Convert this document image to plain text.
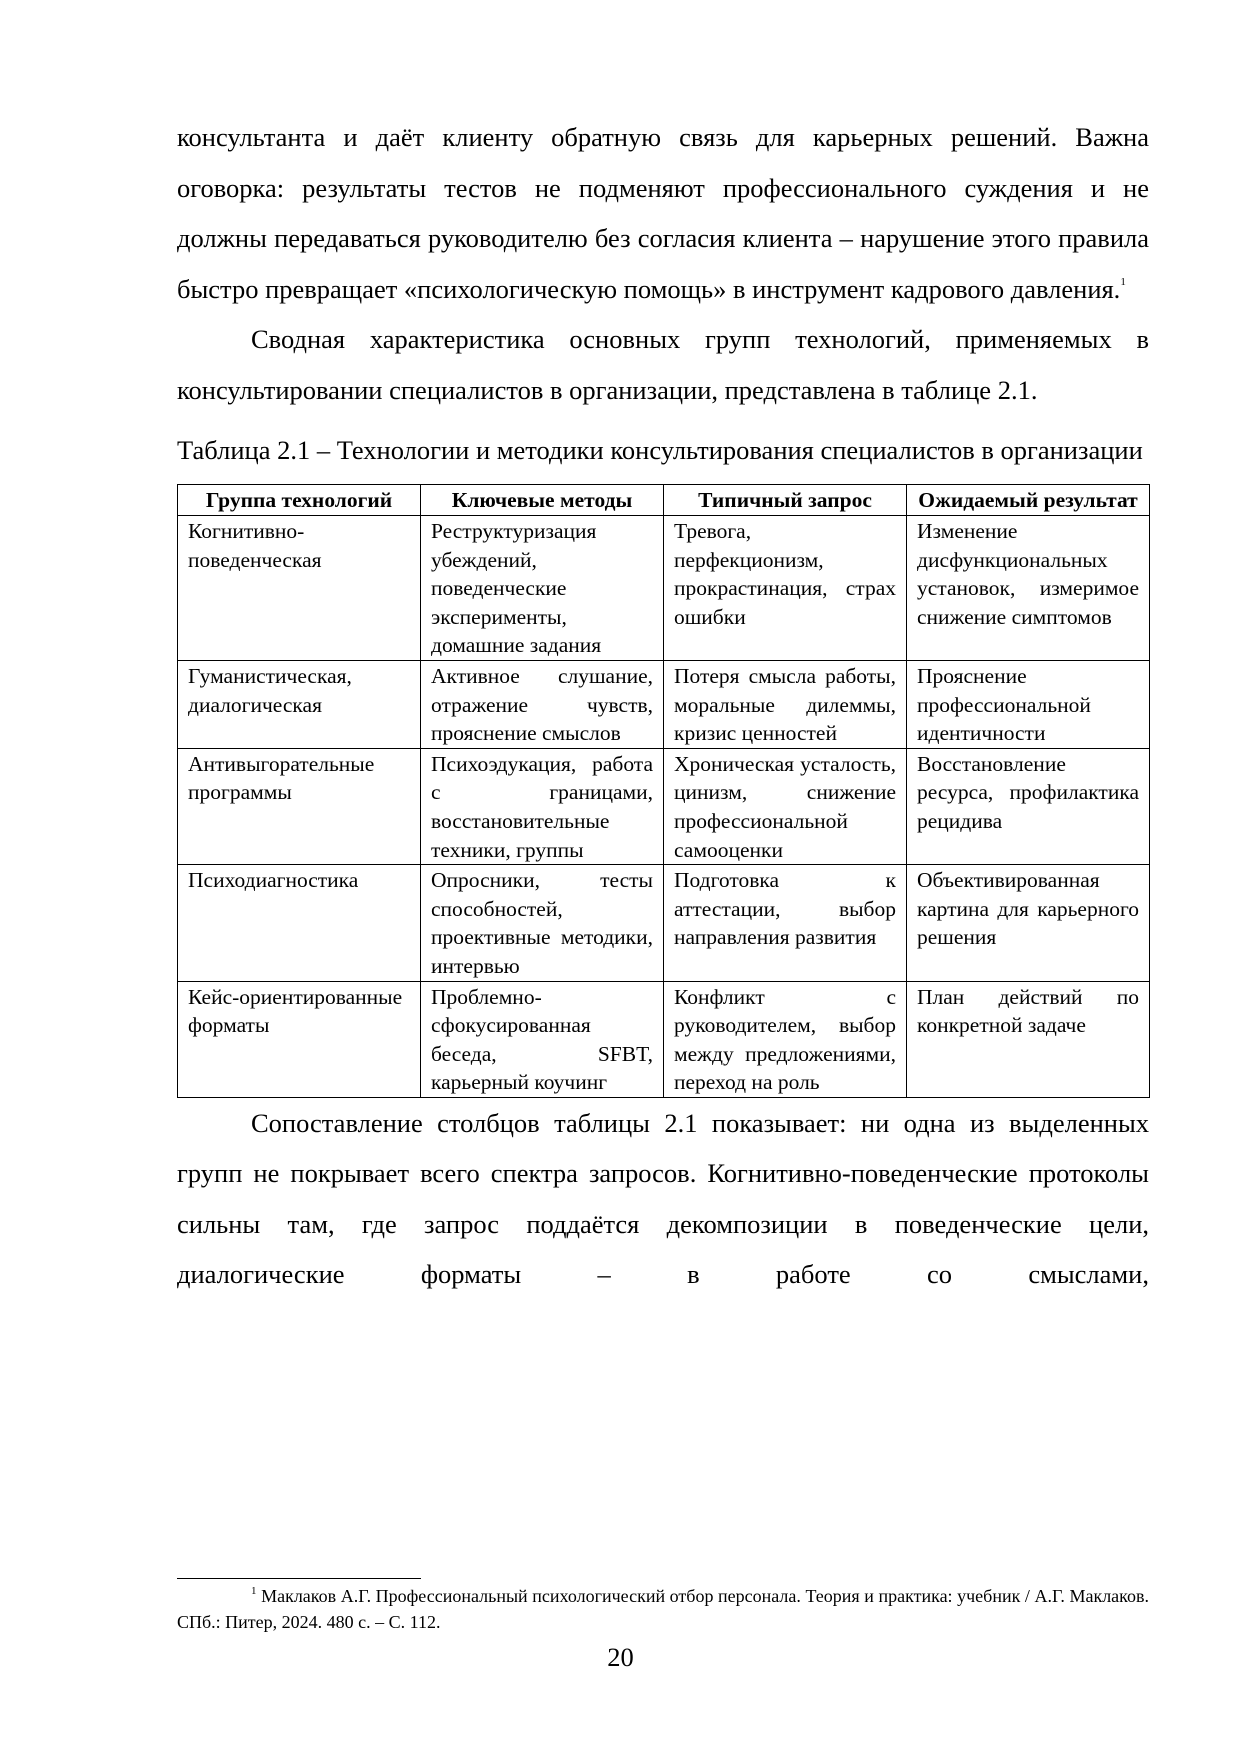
консультанта и даёт клиенту обратную связь для карьерных решений. Важна оговорка: результаты тестов не подменяют профессионального суждения и не должны передаваться руководителю без согласия клиента – нарушение этого правила быстро превращает «психологическую помощь» в инструмент кадрового давления.$^1$

Сводная характеристика основных групп технологий, применяемых в консультировании специалистов в организации, представлена в таблице 2.1.

Таблица 2.1 – Технологии и методики консультирования специалистов в организации

Группа технологий	Ключевые методы	Типичный запрос	Ожидаемый результат
Когнитивно-поведенческая	Реструктуризация убеждений, поведенческие эксперименты, домашние задания	Тревога, перфекционизм, прокрастинация, страх ошибки	Изменение дисфункциональных установок, измеримое снижение симптомов
Гуманистическая, диалогическая	Активное слушание, отражение чувств, прояснение смыслов	Потеря смысла работы, моральные дилеммы, кризис ценностей	Прояснение профессиональной идентичности
Антивыгорательные программы	Психоэдукация, работа с границами, восстановительные техники, группы	Хроническая усталость, цинизм, снижение профессиональной самооценки	Восстановление ресурса, профилактика рецидива
Психодиагностика	Опросники, тесты способностей, проективные методики, интервью	Подготовка к аттестации, выбор направления развития	Объективированная картина для карьерного решения
Кейс-ориентированные форматы	Проблемно-сфокусированная беседа, SFBT, карьерный коучинг	Конфликт с руководителем, выбор между предложениями, переход на роль	План действий по конкретной задаче

Сопоставление столбцов таблицы 2.1 показывает: ни одна из выделенных групп не покрывает всего спектра запросов. Когнитивно-поведенческие протоколы сильны там, где запрос поддаётся декомпозиции в поведенческие цели, диалогические форматы – в работе со смыслами,

$^1$ Маклаков А.Г. Профессиональный психологический отбор персонала. Теория и практика: учебник / А.Г. Маклаков. СПб.: Питер, 2024. 480 с. – С. 112.

20
